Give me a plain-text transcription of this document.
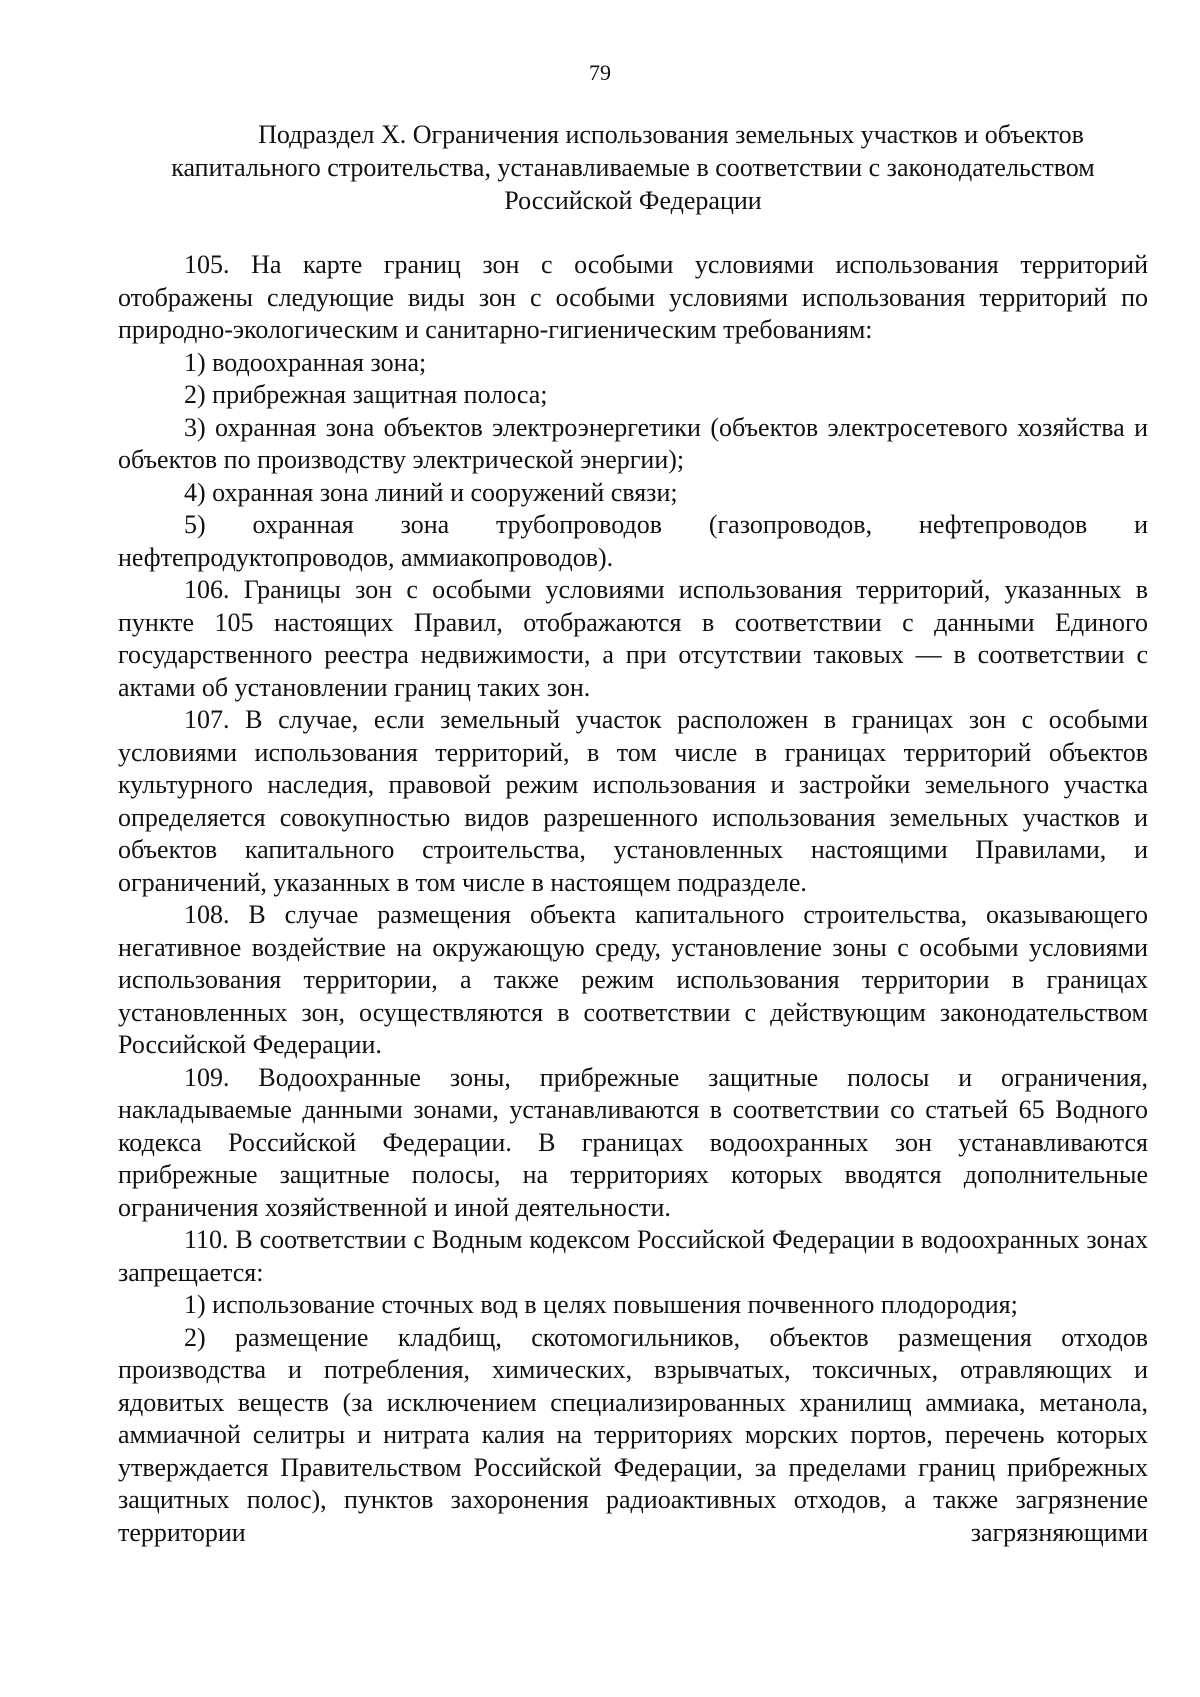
79
Подраздел X. Ограничения использования земельных участков и объектов
капитального строительства, устанавливаемые в соответствии с законодательством
Российской Федерации

105. На карте границ зон с особыми условиями использования территорий отображены следующие виды зон с особыми условиями использования территорий по природно-экологическим и санитарно-гигиеническим требованиям:

1) водоохранная зона;

2) прибрежная защитная полоса;

3) охранная зона объектов электроэнергетики (объектов электросетевого хозяйства и объектов по производству электрической энергии);

4) охранная зона линий и сооружений связи;

5) охранная зона трубопроводов (газопроводов, нефтепроводов и нефтепродуктопроводов, аммиакопроводов).

106. Границы зон с особыми условиями использования территорий, указанных в пункте 105 настоящих Правил, отображаются в соответствии с данными Единого государственного реестра недвижимости, а при отсутствии таковых — в соответствии с актами об установлении границ таких зон.

107. В случае, если земельный участок расположен в границах зон с особыми условиями использования территорий, в том числе в границах территорий объектов культурного наследия, правовой режим использования и застройки земельного участка определяется совокупностью видов разрешенного использования земельных участков и объектов капитального строительства, установленных настоящими Правилами, и ограничений, указанных в том числе в настоящем подразделе.

108. В случае размещения объекта капитального строительства, оказывающего негативное воздействие на окружающую среду, установление зоны с особыми условиями использования территории, а также режим использования территории в границах установленных зон, осуществляются в соответствии с действующим законодательством Российской Федерации.

109. Водоохранные зоны, прибрежные защитные полосы и ограничения, накладываемые данными зонами, устанавливаются в соответствии со статьей 65 Водного кодекса Российской Федерации. В границах водоохранных зон устанавливаются прибрежные защитные полосы, на территориях которых вводятся дополнительные ограничения хозяйственной и иной деятельности.

110. В соответствии с Водным кодексом Российской Федерации в водоохранных зонах запрещается:

1) использование сточных вод в целях повышения почвенного плодородия;

2) размещение кладбищ, скотомогильников, объектов размещения отходов производства и потребления, химических, взрывчатых, токсичных, отравляющих и ядовитых веществ (за исключением специализированных хранилищ аммиака, метанола, аммиачной селитры и нитрата калия на территориях морских портов, перечень которых утверждается Правительством Российской Федерации, за пределами границ прибрежных защитных полос), пунктов захоронения радиоактивных отходов, а также загрязнение территории загрязняющими
